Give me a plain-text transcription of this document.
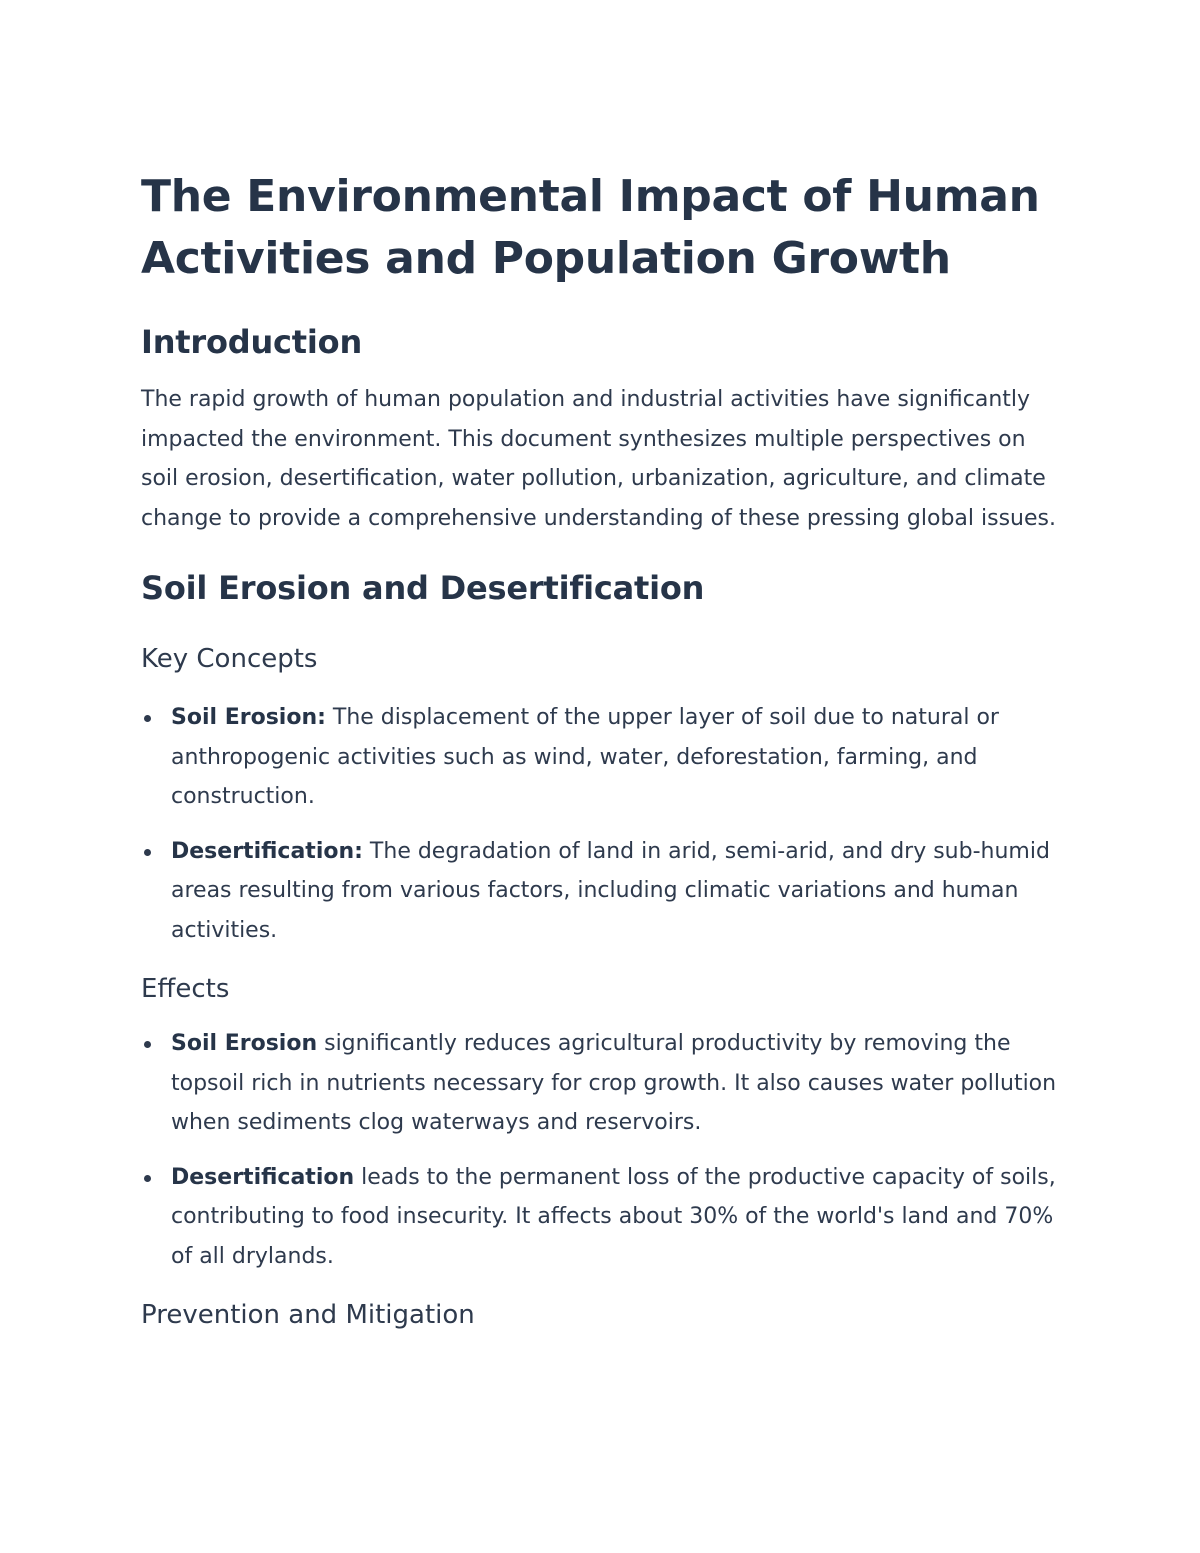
The Environmental Impact of Human Activities and Population Growth
Introduction

The rapid growth of human population and industrial activities have significantly impacted the environment. This document synthesizes multiple perspectives on soil erosion, desertification, water pollution, urbanization, agriculture, and climate change to provide a comprehensive understanding of these pressing global issues.

Soil Erosion and Desertification
Key Concepts
Soil Erosion: The displacement of the upper layer of soil due to natural or anthropogenic activities such as wind, water, deforestation, farming, and construction.
Desertification: The degradation of land in arid, semi-arid, and dry sub-humid areas resulting from various factors, including climatic variations and human activities.
Effects
Soil Erosion significantly reduces agricultural productivity by removing the topsoil rich in nutrients necessary for crop growth. It also causes water pollution when sediments clog waterways and reservoirs.
Desertification leads to the permanent loss of the productive capacity of soils, contributing to food insecurity. It affects about 30% of the world's land and 70% of all drylands.
Prevention and Mitigation
